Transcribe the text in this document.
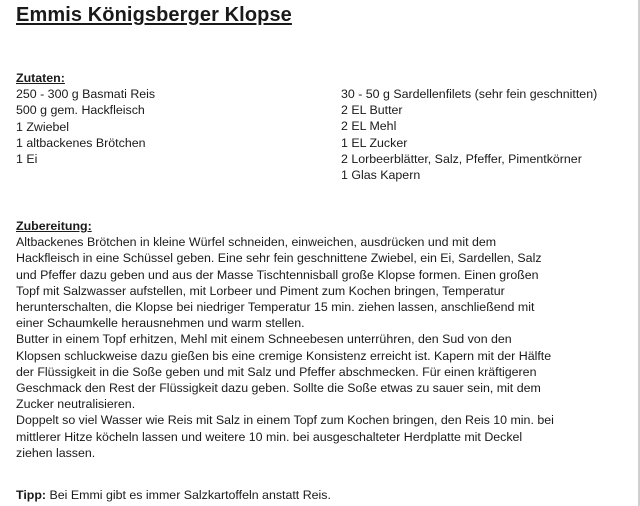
Emmis Königsberger Klopse
Zutaten:
250 - 300 g Basmati Reis
500 g gem. Hackfleisch
1 Zwiebel
1 altbackenes Brötchen
1 Ei
30 - 50 g Sardellenfilets (sehr fein geschnitten)
2 EL Butter
2 EL Mehl
1 EL Zucker
2 Lorbeerblätter, Salz, Pfeffer, Pimentkörner
1 Glas Kapern
Zubereitung:
Altbackenes Brötchen in kleine Würfel schneiden, einweichen, ausdrücken und mit dem
Hackfleisch in eine Schüssel geben. Eine sehr fein geschnittene Zwiebel, ein Ei, Sardellen, Salz
und Pfeffer dazu geben und aus der Masse Tischtennisball große Klopse formen. Einen großen
Topf mit Salzwasser aufstellen, mit Lorbeer und Piment zum Kochen bringen, Temperatur
herunterschalten, die Klopse bei niedriger Temperatur 15 min. ziehen lassen, anschließend mit
einer Schaumkelle herausnehmen und warm stellen.
Butter in einem Topf erhitzen, Mehl mit einem Schneebesen unterrühren, den Sud von den
Klopsen schluckweise dazu gießen bis eine cremige Konsistenz erreicht ist. Kapern mit der Hälfte
der Flüssigkeit in die Soße geben und mit Salz und Pfeffer abschmecken. Für einen kräftigeren
Geschmack den Rest der Flüssigkeit dazu geben. Sollte die Soße etwas zu sauer sein, mit dem
Zucker neutralisieren.
Doppelt so viel Wasser wie Reis mit Salz in einem Topf zum Kochen bringen, den Reis 10 min. bei
mittlerer Hitze köcheln lassen und weitere 10 min. bei ausgeschalteter Herdplatte mit Deckel
ziehen lassen.
Tipp: Bei Emmi gibt es immer Salzkartoffeln anstatt Reis.
